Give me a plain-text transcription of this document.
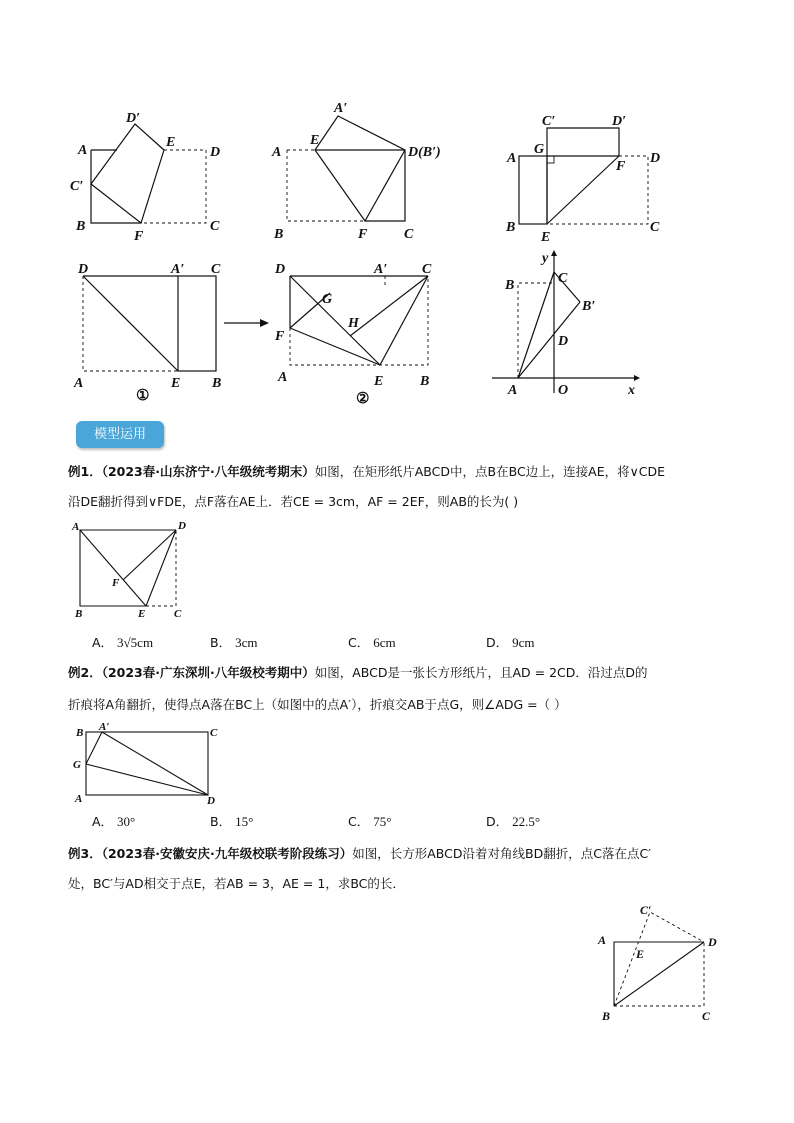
D′
A
E
D
C′
B
F
C
A′
A
E
D(B′)
B	F	C
C′	D′
A
G
D
F
B
E
C
D	A′ C
A	E B
①
D	A′ C
G
H
F
A	E	B
②
y
C
B
B′
D
A	O	x
模型运用
例1．（2023春·山东济宁·八年级统考期末）如图，在矩形纸片ABCD中，点B在BC边上，连接AE，将∨CDE
沿DE翻折得到∨FDE，点F落在AE上．若CE = 3cm，AF = 2EF，则AB的长为( )
A	D
F
B	E	C
A． 3√5cm	B． 3cm	C． 6cm	D． 9cm
例2．（2023春·广东深圳·八年级校考期中）如图，ABCD是一张长方形纸片，且AD = 2CD．沿过点D的
折痕将A角翻折，使得点A落在BC上（如图中的点A′），折痕交AB于点G，则∠ADG =（ ）
B A′	C
G
A	D
A． 30°	B． 15°	C． 75°	D． 22.5°
例3．（2023春·安徽安庆·九年级校联考阶段练习）如图，长方形ABCD沿着对角线BD翻折，点C落在点C′
处，BC′与AD相交于点E，若AB = 3，AE = 1，求BC的长．
C′
A	D
E
B	C
